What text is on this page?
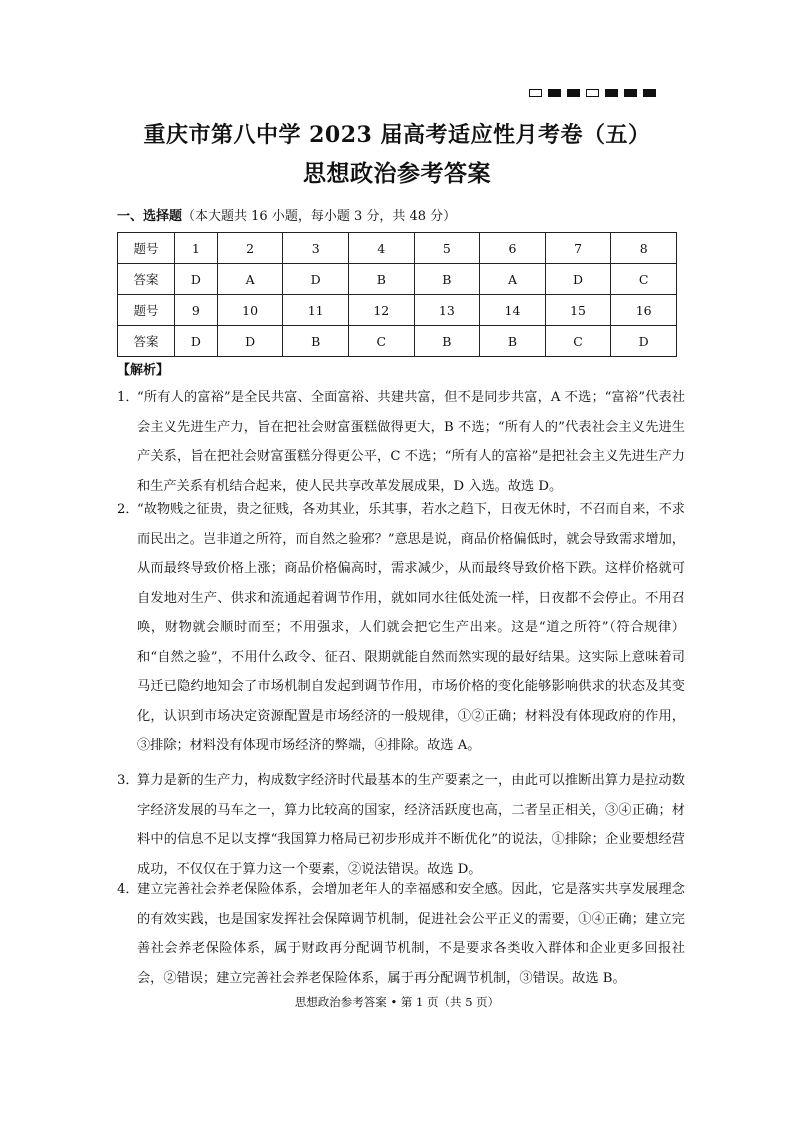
重庆市第八中学 2023 届高考适应性月考卷（五）
思想政治参考答案
一、选择题（本大题共 16 小题，每小题 3 分，共 48 分）
题号	1	2	3	4	5	6	7	8
答案	D	A	D	B	B	A	D	C
题号	9	10	11	12	13	14	15	16
答案	D	D	B	C	B	B	C	D
【解析】
1．
“所有人的富裕”是全民共富、全面富裕、共建共富，但不是同步共富，A 不选；“富裕”代表社会主义先进生产力，旨在把社会财富蛋糕做得更大，B 不选；“所有人的”代表社会主义先进生产关系，旨在把社会财富蛋糕分得更公平，C 不选；“所有人的富裕”是把社会主义先进生产力和生产关系有机结合起来，使人民共享改革发展成果，D 入选。故选 D。
2．
“故物贱之征贵，贵之征贱，各劝其业，乐其事，若水之趋下，日夜无休时，不召而自来，不求而民出之。岂非道之所符，而自然之验邪？”意思是说，商品价格偏低时，就会导致需求增加，从而最终导致价格上涨；商品价格偏高时，需求减少，从而最终导致价格下跌。这样价格就可自发地对生产、供求和流通起着调节作用，就如同水往低处流一样，日夜都不会停止。不用召唤，财物就会顺时而至；不用强求，人们就会把它生产出来。这是“道之所符”（符合规律）和“自然之验”，不用什么政令、征召、限期就能自然而然实现的最好结果。这实际上意味着司马迁已隐约地知会了市场机制自发起到调节作用，市场价格的变化能够影响供求的状态及其变化，认识到市场决定资源配置是市场经济的一般规律，①②正确；材料没有体现政府的作用，③排除；材料没有体现市场经济的弊端，④排除。故选 A。
3．
算力是新的生产力，构成数字经济时代最基本的生产要素之一，由此可以推断出算力是拉动数字经济发展的马车之一，算力比较高的国家，经济活跃度也高，二者呈正相关，③④正确；材料中的信息不足以支撑“我国算力格局已初步形成并不断优化”的说法，①排除；企业要想经营成功，不仅仅在于算力这一个要素，②说法错误。故选 D。
4．
建立完善社会养老保险体系，会增加老年人的幸福感和安全感。因此，它是落实共享发展理念的有效实践，也是国家发挥社会保障调节机制，促进社会公平正义的需要，①④正确；建立完善社会养老保险体系，属于财政再分配调节机制，不是要求各类收入群体和企业更多回报社会，②错误；建立完善社会养老保险体系，属于再分配调节机制，③错误。故选 B。
思想政治参考答案 • 第 1 页（共 5 页）
